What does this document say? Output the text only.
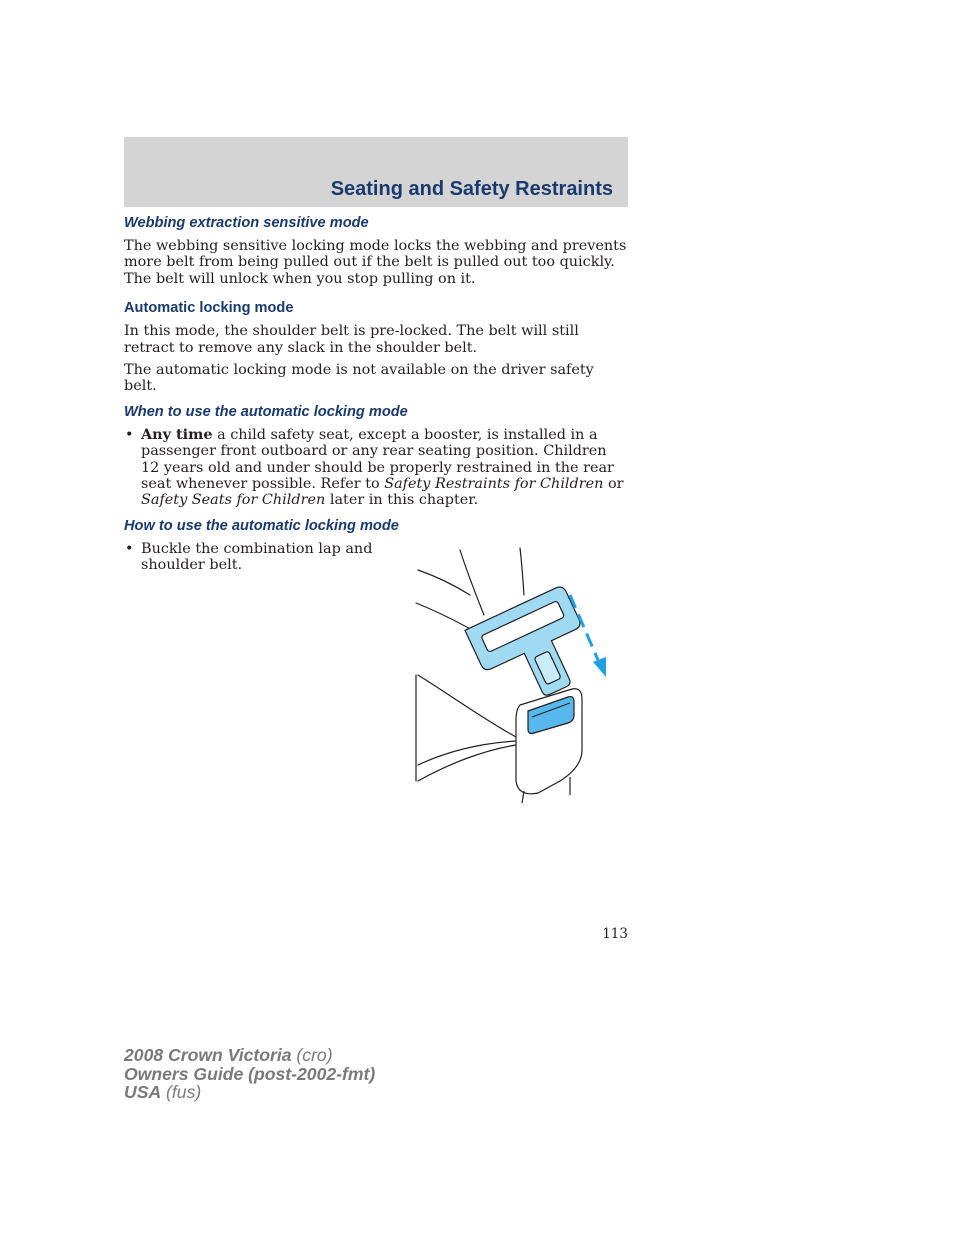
Seating and Safety Restraints
Webbing extraction sensitive mode

The webbing sensitive locking mode locks the webbing and prevents more belt from being pulled out if the belt is pulled out too quickly. The belt will unlock when you stop pulling on it.

Automatic locking mode

In this mode, the shoulder belt is pre-locked. The belt will still retract to remove any slack in the shoulder belt.

The automatic locking mode is not available on the driver safety belt.

When to use the automatic locking mode
• Any time a child safety seat, except a booster, is installed in a passenger front outboard or any rear seating position. Children 12 years old and under should be properly restrained in the rear seat whenever possible. Refer to Safety Restraints for Children or Safety Seats for Children later in this chapter.
How to use the automatic locking mode
• Buckle the combination lap and shoulder belt.
113
2008 Crown Victoria (cro)
Owners Guide (post-2002-fmt)
USA (fus)
